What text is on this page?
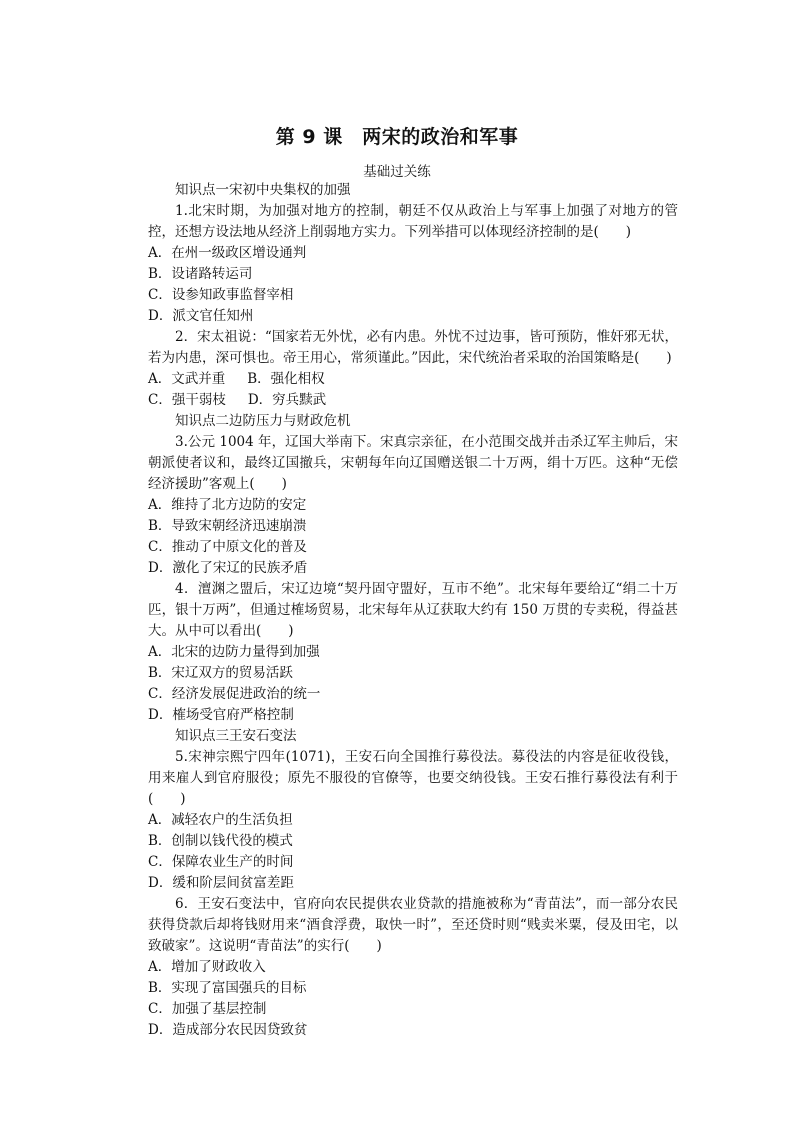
第 9 课　两宋的政治和军事
基础过关练

知识点一宋初中央集权的加强

1.北宋时期，为加强对地方的控制，朝廷不仅从政治上与军事上加强了对地方的管控，还想方设法地从经济上削弱地方实力。下列举措可以体现经济控制的是(　　)

A．在州一级政区增设通判

B．设诸路转运司

C．设参知政事监督宰相

D．派文官任知州

2．宋太祖说：“国家若无外忧，必有内患。外忧不过边事，皆可预防，惟奸邪无状，若为内患，深可惧也。帝王用心，常须谨此。”因此，宋代统治者采取的治国策略是(　　)

A．文武并重 B．强化相权

C．强干弱枝 D．穷兵黩武

知识点二边防压力与财政危机

3.公元 1004 年，辽国大举南下。宋真宗亲征，在小范围交战并击杀辽军主帅后，宋朝派使者议和，最终辽国撤兵，宋朝每年向辽国赠送银二十万两，绢十万匹。这种“无偿经济援助”客观上(　　)

A．维持了北方边防的安定

B．导致宋朝经济迅速崩溃

C．推动了中原文化的普及

D．激化了宋辽的民族矛盾

4．澶渊之盟后，宋辽边境“契丹固守盟好，互市不绝”。北宋每年要给辽“绢二十万匹，银十万两”，但通过榷场贸易，北宋每年从辽获取大约有 150 万贯的专卖税，得益甚大。从中可以看出(　　)

A．北宋的边防力量得到加强

B．宋辽双方的贸易活跃

C．经济发展促进政治的统一

D．榷场受官府严格控制

知识点三王安石变法

5.宋神宗熙宁四年(1071)，王安石向全国推行募役法。募役法的内容是征收役钱，用来雇人到官府服役；原先不服役的官僚等，也要交纳役钱。王安石推行募役法有利于(　　)

A．减轻农户的生活负担

B．创制以钱代役的模式

C．保障农业生产的时间

D．缓和阶层间贫富差距

6．王安石变法中，官府向农民提供农业贷款的措施被称为“青苗法”，而一部分农民获得贷款后却将钱财用来“酒食浮费，取快一时”，至还贷时则“贱卖米粟，侵及田宅，以致破家”。这说明“青苗法”的实行(　　)

A．增加了财政收入

B．实现了富国强兵的目标

C．加强了基层控制

D．造成部分农民因贷致贫
